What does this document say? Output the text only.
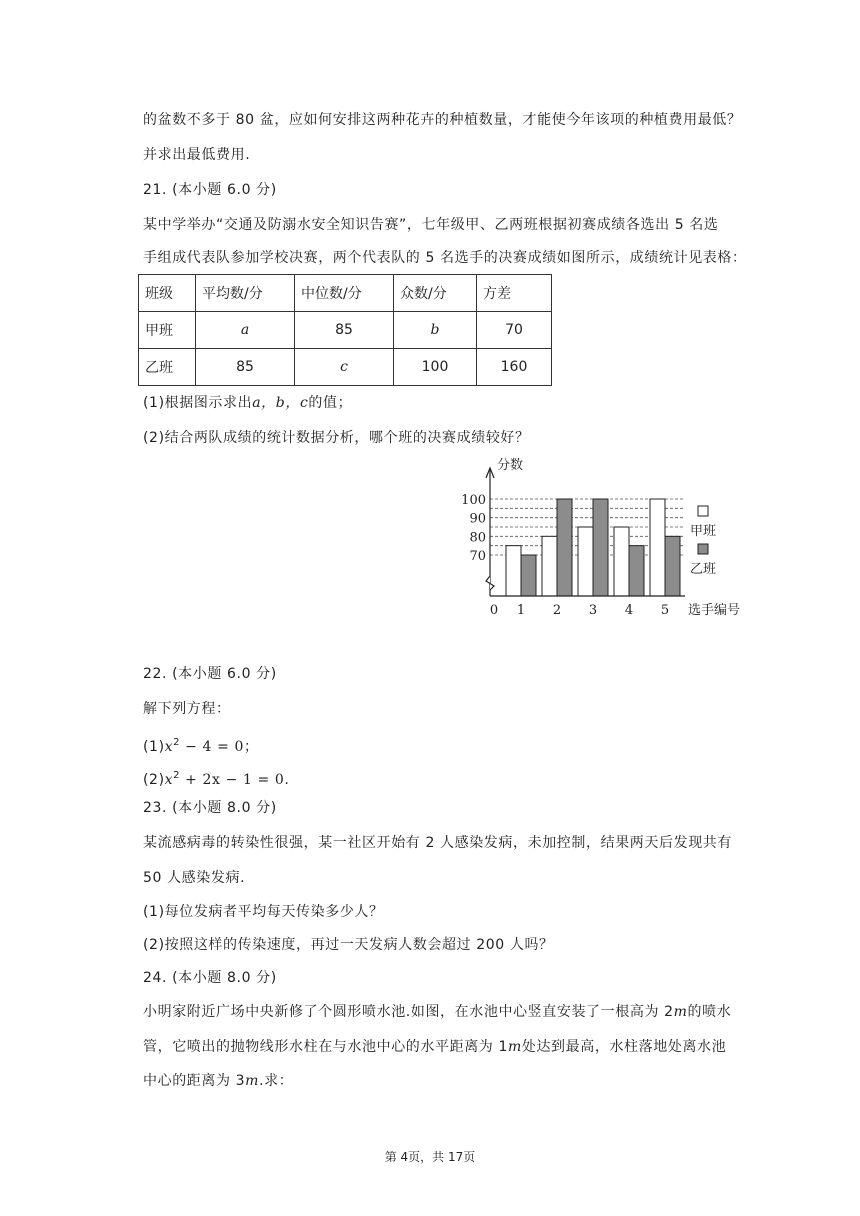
的盆数不多于 80 盆，应如何安排这两种花卉的种植数量，才能使今年该项的种植费用最低？
并求出最低费用.
21. (本小题 6.0 分)
某中学举办“交通及防溺水安全知识告赛”，七年级甲、乙两班根据初赛成绩各选出 5 名选
手组成代表队参加学校决赛，两个代表队的 5 名选手的决赛成绩如图所示，成绩统计见表格：
班级	平均数/分	中位数/分	众数/分	方差
甲班	a	85	b	70
乙班	85	c	100	160
(1)根据图示求出a，b，c的值；
(2)结合两队成绩的统计数据分析，哪个班的决赛成绩较好？
分数
70
80
90
100
0 1 2 3 4 5 选手编号
甲班
乙班
22. (本小题 6.0 分)
解下列方程：
$(1)x^2 - 4 = 0$；
$(2)x^2 + 2x - 1 = 0$.
23. (本小题 8.0 分)
某流感病毒的转染性很强，某一社区开始有 2 人感染发病，未加控制，结果两天后发现共有
50 人感染发病.
(1)每位发病者平均每天传染多少人？
(2)按照这样的传染速度，再过一天发病人数会超过 200 人吗？
24. (本小题 8.0 分)
小明家附近广场中央新修了个圆形喷水池.如图，在水池中心竖直安装了一根高为 2m的喷水
管，它喷出的抛物线形水柱在与水池中心的水平距离为 1m处达到最高，水柱落地处离水池
中心的距离为 3m.求：
第 4页，共 17页
